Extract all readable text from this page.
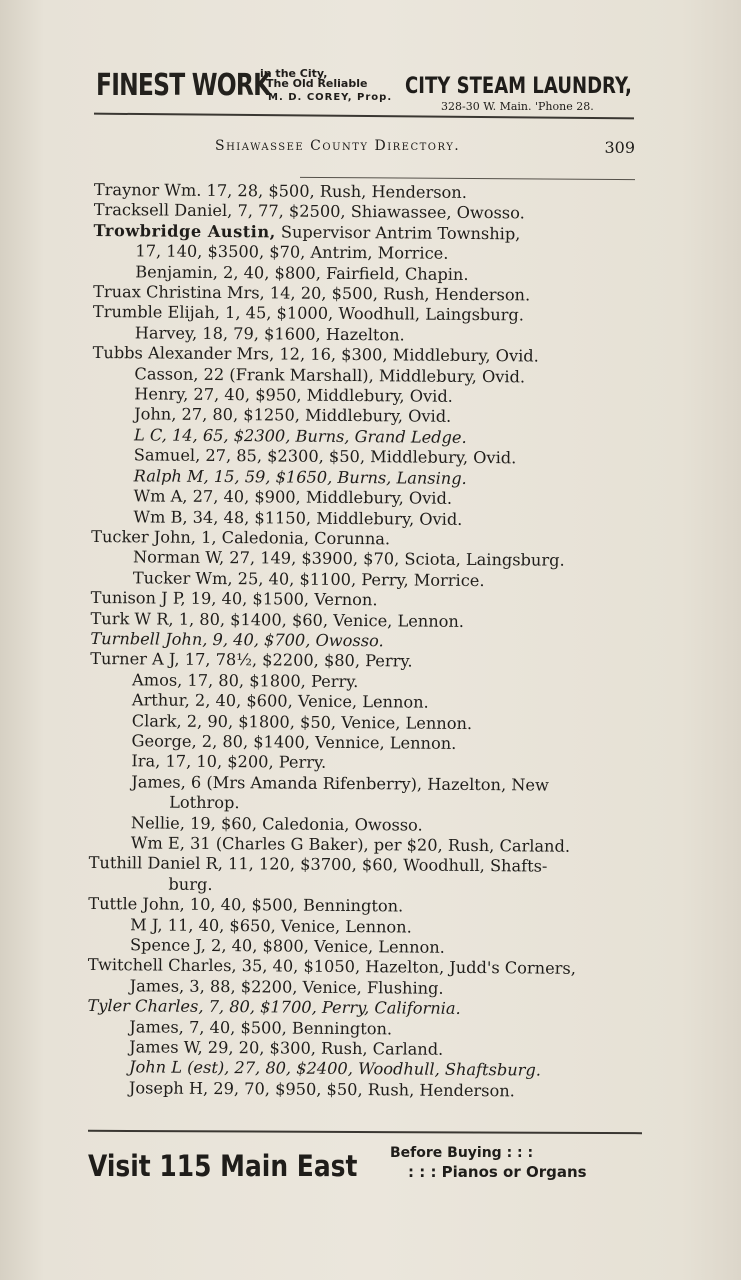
FINEST WORK
in the City,
The Old Reliable CITY STEAM LAUNDRY,
M. D. COREY, Prop.
328-30 W. Main. 'Phone 28.
Shiawassee County Directory.	309
Traynor Wm. 17, 28, $500, Rush, Henderson.
Tracksell Daniel, 7, 77, $2500, Shiawassee, Owosso.
Trowbridge Austin, Supervisor Antrim Township,
17, 140, $3500, $70, Antrim, Morrice.
Benjamin, 2, 40, $800, Fairfield, Chapin.
Truax Christina Mrs, 14, 20, $500, Rush, Henderson.
Trumble Elijah, 1, 45, $1000, Woodhull, Laingsburg.
Harvey, 18, 79, $1600, Hazelton.
Tubbs Alexander Mrs, 12, 16, $300, Middlebury, Ovid.
Casson, 22 (Frank Marshall), Middlebury, Ovid.
Henry, 27, 40, $950, Middlebury, Ovid.
John, 27, 80, $1250, Middlebury, Ovid.
L C, 14, 65, $2300, Burns, Grand Ledge.
Samuel, 27, 85, $2300, $50, Middlebury, Ovid.
Ralph M, 15, 59, $1650, Burns, Lansing.
Wm A, 27, 40, $900, Middlebury, Ovid.
Wm B, 34, 48, $1150, Middlebury, Ovid.
Tucker John, 1, Caledonia, Corunna.
Norman W, 27, 149, $3900, $70, Sciota, Laingsburg.
Tucker Wm, 25, 40, $1100, Perry, Morrice.
Tunison J P, 19, 40, $1500, Vernon.
Turk W R, 1, 80, $1400, $60, Venice, Lennon.
Turnbell John, 9, 40, $700, Owosso.
Turner A J, 17, 78½, $2200, $80, Perry.
Amos, 17, 80, $1800, Perry.
Arthur, 2, 40, $600, Venice, Lennon.
Clark, 2, 90, $1800, $50, Venice, Lennon.
George, 2, 80, $1400, Vennice, Lennon.
Ira, 17, 10, $200, Perry.
James, 6 (Mrs Amanda Rifenberry), Hazelton, New
Lothrop.
Nellie, 19, $60, Caledonia, Owosso.
Wm E, 31 (Charles G Baker), per $20, Rush, Carland.
Tuthill Daniel R, 11, 120, $3700, $60, Woodhull, Shafts-
burg.
Tuttle John, 10, 40, $500, Bennington.
M J, 11, 40, $650, Venice, Lennon.
Spence J, 2, 40, $800, Venice, Lennon.
Twitchell Charles, 35, 40, $1050, Hazelton, Judd's Corners,
James, 3, 88, $2200, Venice, Flushing.
Tyler Charles, 7, 80, $1700, Perry, California.
James, 7, 40, $500, Bennington.
James W, 29, 20, $300, Rush, Carland.
John L (est), 27, 80, $2400, Woodhull, Shaftsburg.
Joseph H, 29, 70, $950, $50, Rush, Henderson.
Visit 115 Main East Before Buying : : :
: : : Pianos or Organs
